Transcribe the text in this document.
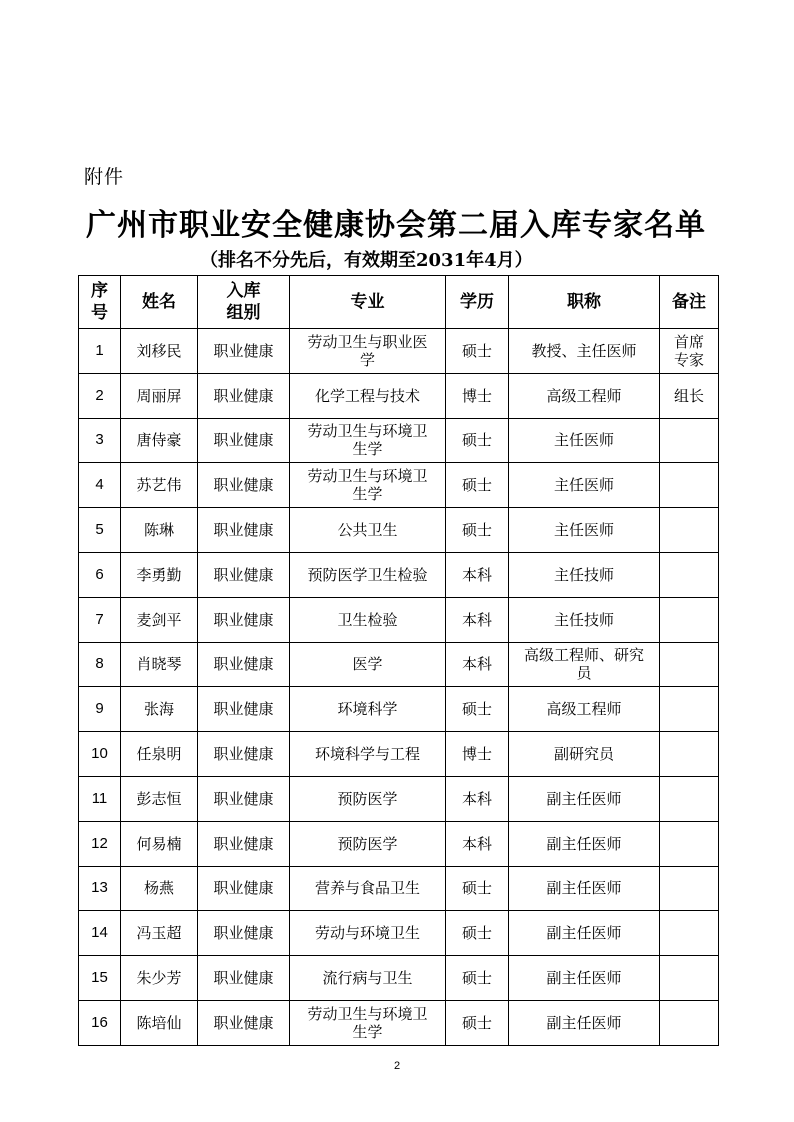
附件
广州市职业安全健康协会第二届入库专家名单
（排名不分先后，有效期至2031年4月）
序号	姓名	入库组别	专业	学历	职称	备注

1	刘移民	职业健康	劳动卫生与职业医学	硕士	教授、主任医师	首席专家

2	周丽屏	职业健康	化学工程与技术	博士	高级工程师	组长

3	唐侍豪	职业健康	劳动卫生与环境卫生学	硕士	主任医师	

4	苏艺伟	职业健康	劳动卫生与环境卫生学	硕士	主任医师	

5	陈琳	职业健康	公共卫生	硕士	主任医师	

6	李勇勤	职业健康	预防医学卫生检验	本科	主任技师	

7	麦剑平	职业健康	卫生检验	本科	主任技师	

8	肖晓琴	职业健康	医学	本科	高级工程师、研究员	

9	张海	职业健康	环境科学	硕士	高级工程师	

10	任泉明	职业健康	环境科学与工程	博士	副研究员	

11	彭志恒	职业健康	预防医学	本科	副主任医师	

12	何易楠	职业健康	预防医学	本科	副主任医师	

13	杨燕	职业健康	营养与食品卫生	硕士	副主任医师	

14	冯玉超	职业健康	劳动与环境卫生	硕士	副主任医师	

15	朱少芳	职业健康	流行病与卫生	硕士	副主任医师	

16	陈培仙	职业健康	劳动卫生与环境卫生学	硕士	副主任医师	

2
